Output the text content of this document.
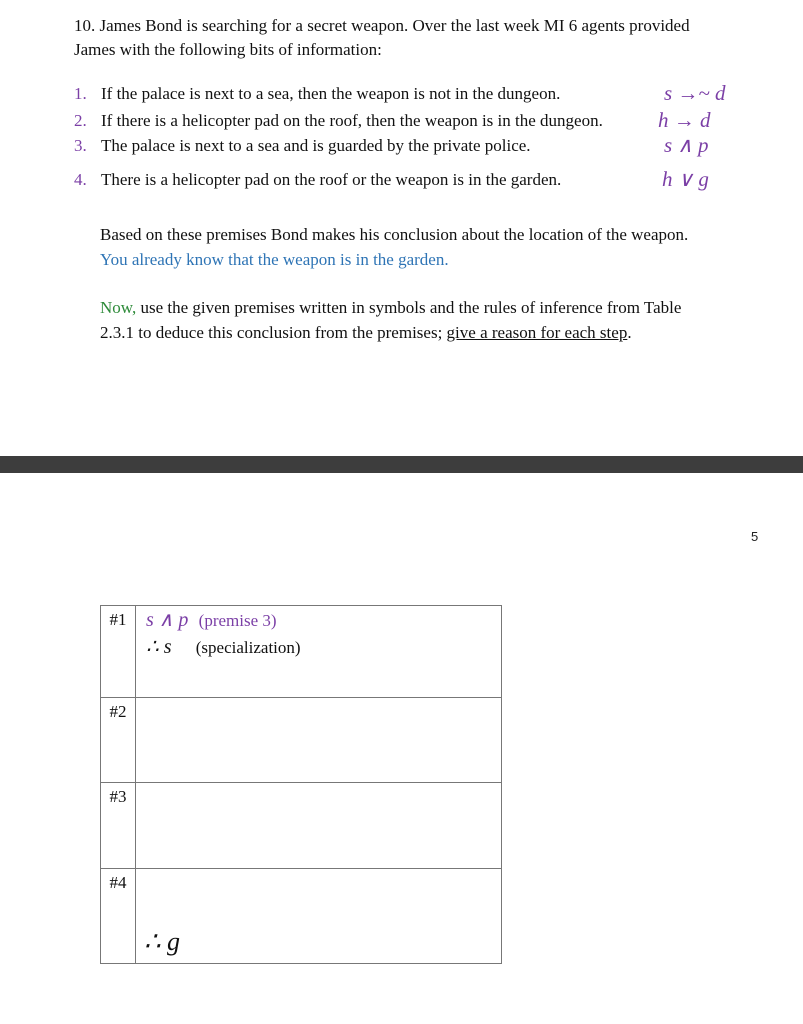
10. James Bond is searching for a secret weapon. Over the last week MI 6 agents provided
James with the following bits of information:
1. If the palace is next to a sea, then the weapon is not in the dungeon.	s →~ d
2. If there is a helicopter pad on the roof, then the weapon is in the dungeon.	h → d
3. The palace is next to a sea and is guarded by the private police.	s ∧ p
4. There is a helicopter pad on the roof or the weapon is in the garden.	h ∨ g
Based on these premises Bond makes his conclusion about the location of the weapon.
You already know that the weapon is in the garden.
Now, use the given premises written in symbols and the rules of inference from Table
2.3.1 to deduce this conclusion from the premises; give a reason for each step.
5
#1	s ∧ p (premise 3)
∴ s (specialization)

#2	
#3	
#4	∴ g
